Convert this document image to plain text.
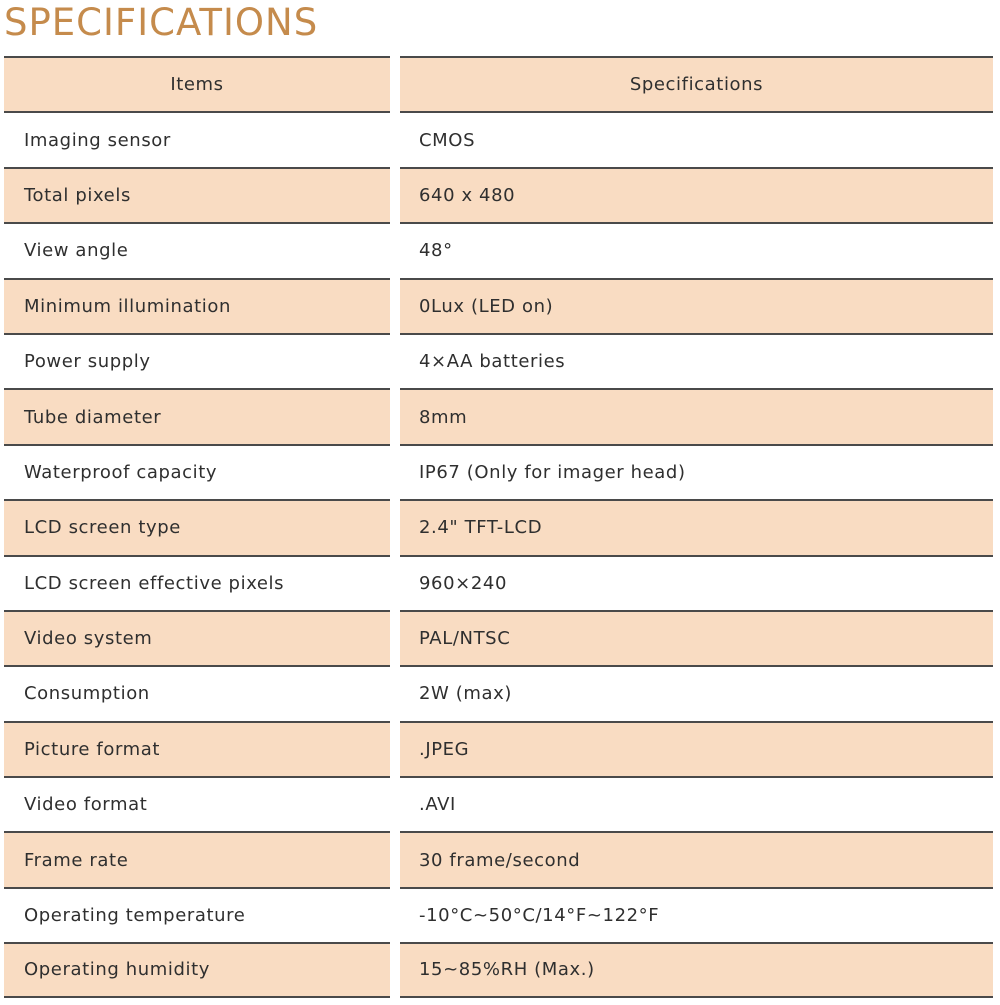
SPECIFICATIONS
Items	Specifications
Imaging sensor	CMOS
Total pixels	640 x 480
View angle	48°
Minimum illumination	0Lux (LED on)
Power supply	4×AA batteries
Tube diameter	8mm
Waterproof capacity	IP67 (Only for imager head)
LCD screen type	2.4" TFT-LCD
LCD screen effective pixels	960×240
Video system	PAL/NTSC
Consumption	2W (max)
Picture format	.JPEG
Video format	.AVI
Frame rate	30 frame/second
Operating temperature	-10°C~50°C/14°F~122°F
Operating humidity	15~85%RH (Max.)
